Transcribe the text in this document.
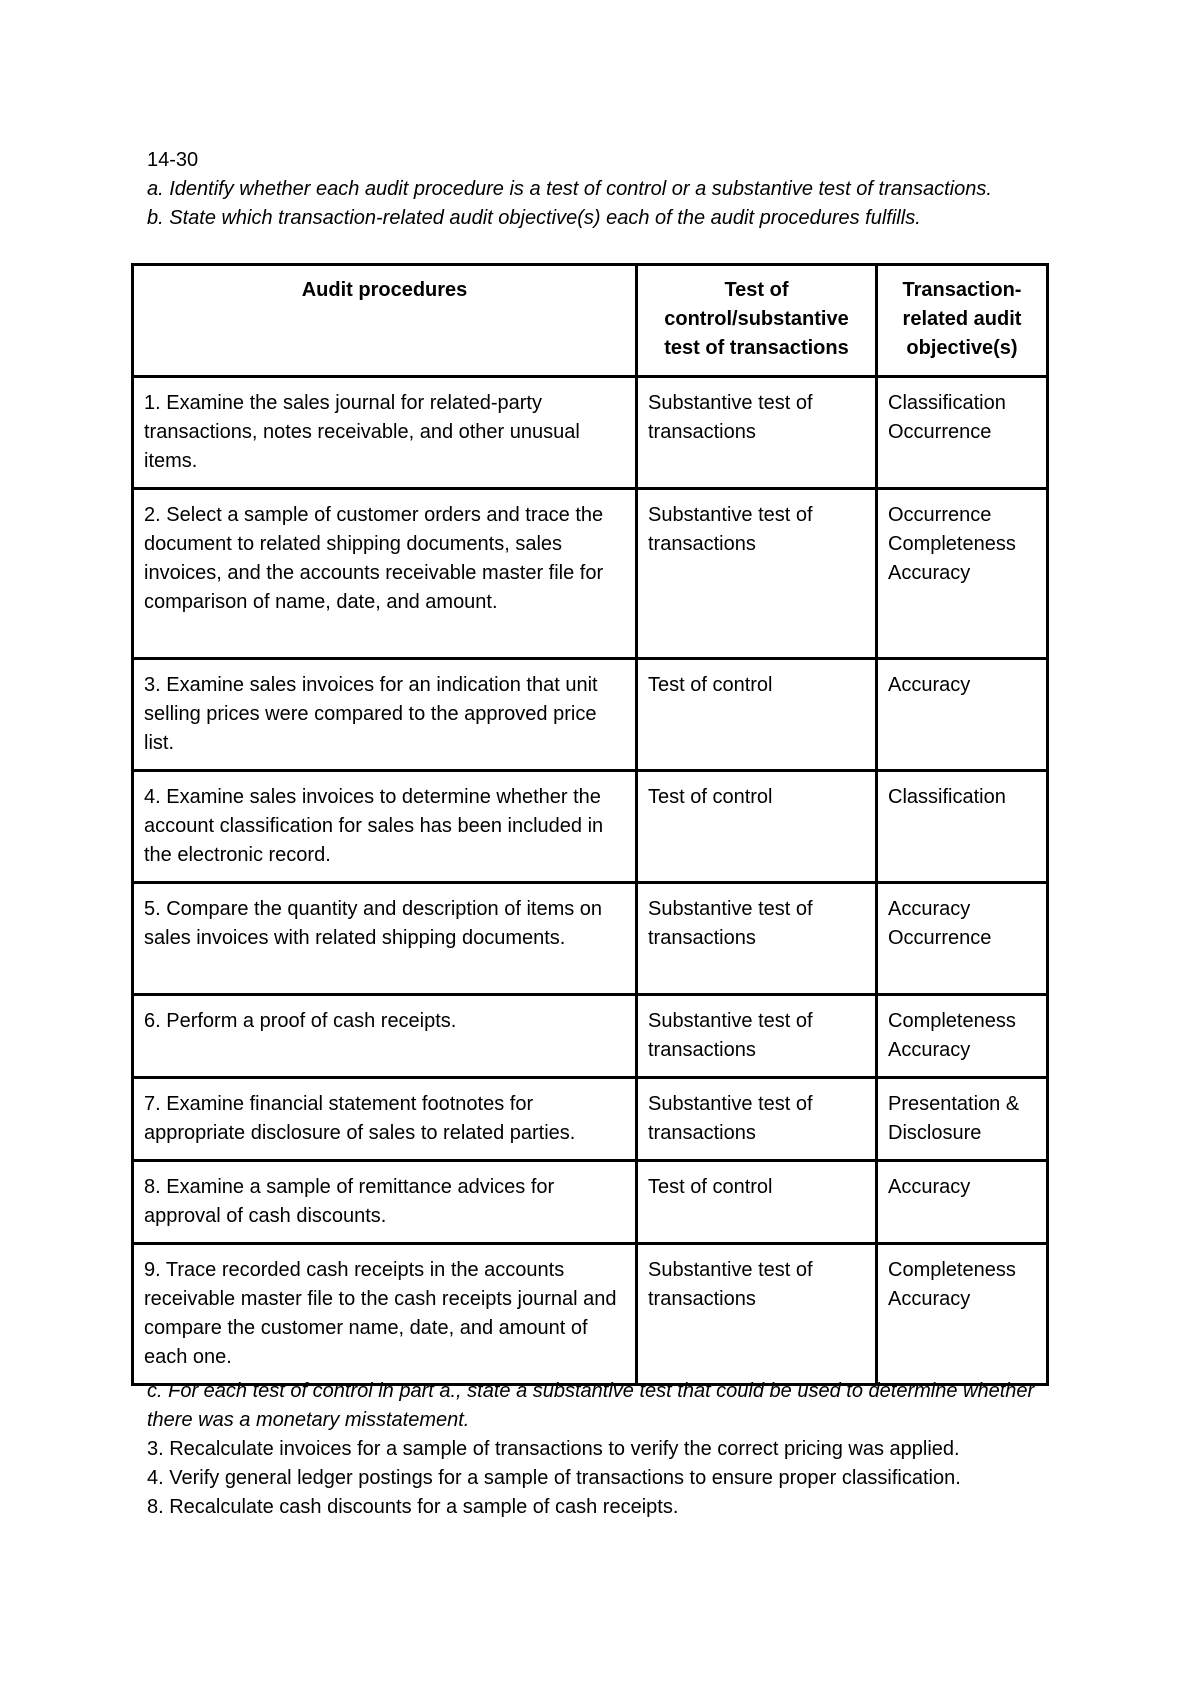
14-30
a. Identify whether each audit procedure is a test of control or a substantive test of transactions.
b. State which transaction-related audit objective(s) each of the audit procedures fulfills.
Audit procedures	Test of control/substantive test of transactions	Transaction-related audit objective(s)
1. Examine the sales journal for related-party transactions, notes receivable, and other unusual items.	Substantive test of transactions	Classification
Occurrence
2. Select a sample of customer orders and trace the document to related shipping documents, sales invoices, and the accounts receivable master file for comparison of name, date, and amount.	Substantive test of transactions	Occurrence
Completeness
Accuracy
3. Examine sales invoices for an indication that unit selling prices were compared to the approved price list.	Test of control	Accuracy
4. Examine sales invoices to determine whether the account classification for sales has been included in the electronic record.	Test of control	Classification
5. Compare the quantity and description of items on sales invoices with related shipping documents.	Substantive test of transactions	Accuracy
Occurrence
6. Perform a proof of cash receipts.	Substantive test of transactions	Completeness
Accuracy
7. Examine financial statement footnotes for appropriate disclosure of sales to related parties.	Substantive test of transactions	Presentation & Disclosure
8. Examine a sample of remittance advices for approval of cash discounts.	Test of control	Accuracy
9. Trace recorded cash receipts in the accounts receivable master file to the cash receipts journal and compare the customer name, date, and amount of each one.	Substantive test of transactions	Completeness
Accuracy
c. For each test of control in part a., state a substantive test that could be used to determine whether there was a monetary misstatement.
3. Recalculate invoices for a sample of transactions to verify the correct pricing was applied.
4. Verify general ledger postings for a sample of transactions to ensure proper classification.
8. Recalculate cash discounts for a sample of cash receipts.
